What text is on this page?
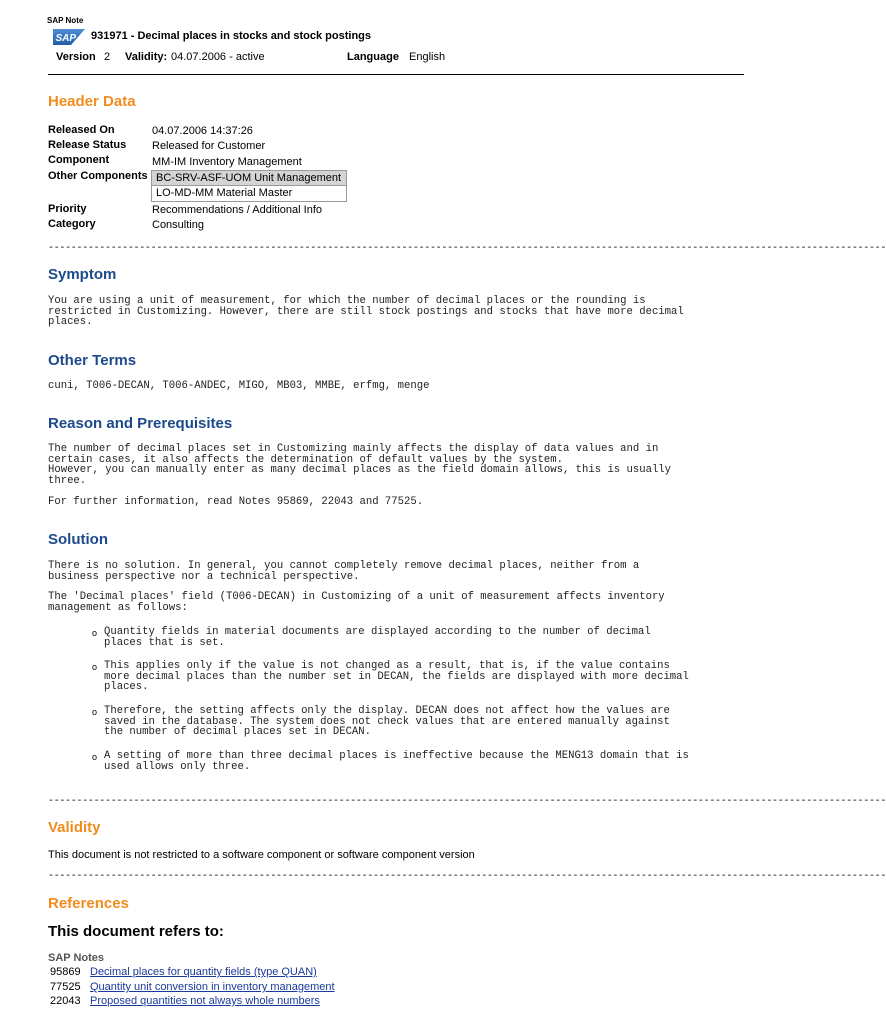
SAP Note
SAP 931971 - Decimal places in stocks and stock postings
Version 2 Validity: 04.07.2006 - active	Language English
Header Data
Released On	04.07.2006 14:37:26
Release Status Released for Customer
Component	MM-IM Inventory Management
Other Components BC-SRV-ASF-UOM Unit Management
LO-MD-MM Material Master
Priority	Recommendations / Additional Info
Category	Consulting
---------------------------------------------------------------------------------------------------------------------------------------------------
Symptom
You are using a unit of measurement, for which the number of decimal places or the rounding is
restricted in Customizing. However, there are still stock postings and stocks that have more decimal
places.
Other Terms
cuni, T006-DECAN, T006-ANDEC, MIGO, MB03, MMBE, erfmg, menge
Reason and Prerequisites
The number of decimal places set in Customizing mainly affects the display of data values and in
certain cases, it also affects the determination of default values by the system.
However, you can manually enter as many decimal places as the field domain allows, this is usually
three.
For further information, read Notes 95869, 22043 and 77525.
Solution
There is no solution. In general, you cannot completely remove decimal places, neither from a
business perspective nor a technical perspective.
The 'Decimal places' field (T006-DECAN) in Customizing of a unit of measurement affects inventory
management as follows:
o Quantity fields in material documents are displayed according to the number of decimal
places that is set.
o This applies only if the value is not changed as a result, that is, if the value contains
more decimal places than the number set in DECAN, the fields are displayed with more decimal
places.
o Therefore, the setting affects only the display. DECAN does not affect how the values are
saved in the database. The system does not check values that are entered manually against
the number of decimal places set in DECAN.
o A setting of more than three decimal places is ineffective because the MENG13 domain that is
used allows only three.
---------------------------------------------------------------------------------------------------------------------------------------------------
Validity
This document is not restricted to a software component or software component version
---------------------------------------------------------------------------------------------------------------------------------------------------
References
This document refers to:
SAP Notes
95869 Decimal places for quantity fields (type QUAN)
77525 Quantity unit conversion in inventory management
22043 Proposed quantities not always whole numbers
